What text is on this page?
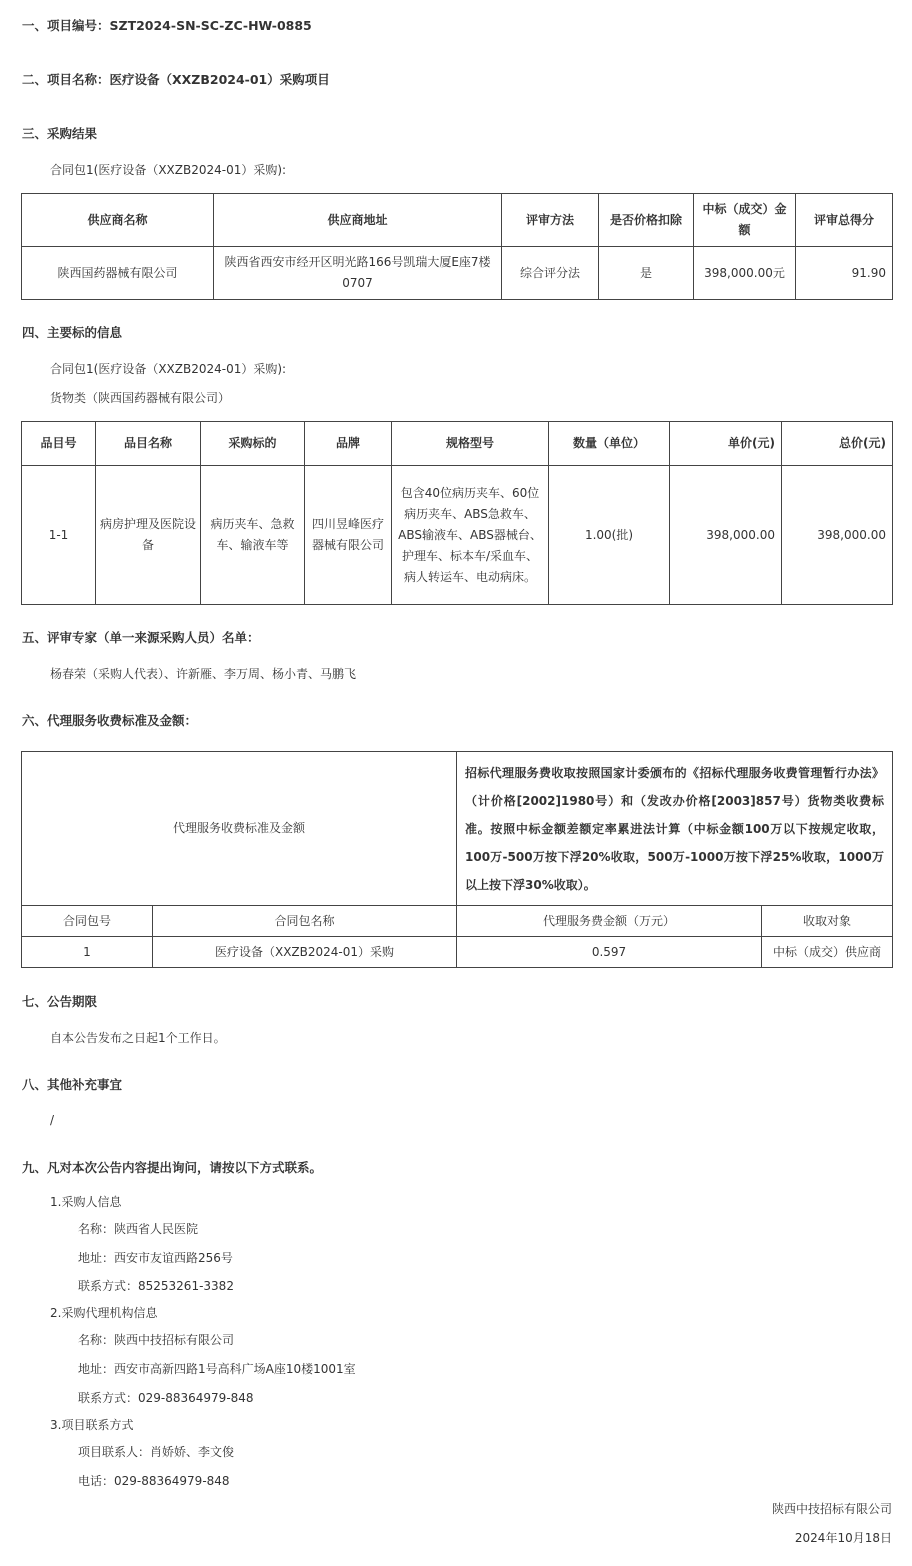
一、项目编号：SZT2024-SN-SC-ZC-HW-0885
二、项目名称：医疗设备（XXZB2024-01）采购项目
三、采购结果
合同包1(医疗设备（XXZB2024-01）采购):
供应商名称	供应商地址	评审方法	是否价格扣除	中标（成交）金额	评审总得分
陕西国药器械有限公司	陕西省西安市经开区明光路166号凯瑞大厦E座7楼0707	综合评分法	是	398,000.00元	91.90
四、主要标的信息
合同包1(医疗设备（XXZB2024-01）采购):
货物类（陕西国药器械有限公司）
品目号	品目名称	采购标的	品牌	规格型号	数量（单位）	单价(元)	总价(元)
1-1	病房护理及医院设备	病历夹车、急救车、输液车等	四川昱峰医疗器械有限公司	包含40位病历夹车、60位病历夹车、ABS急救车、ABS输液车、ABS器械台、护理车、标本车/采血车、病人转运车、电动病床。	1.00(批)	398,000.00	398,000.00
五、评审专家（单一来源采购人员）名单：
杨春荣（采购人代表）、许新雁、李万周、杨小青、马鹏飞
六、代理服务收费标准及金额：
代理服务收费标准及金额		招标代理服务费收取按照国家计委颁布的《招标代理服务收费管理暂行办法》（计价格[2002]1980号）和（发改办价格[2003]857号）货物类收费标准。按照中标金额差额定率累进法计算（中标金额100万以下按规定收取，100万-500万按下浮20%收取，500万-1000万按下浮25%收取，1000万以上按下浮30%收取）。	
合同包号	合同包名称	代理服务费金额（万元）	收取对象
1	医疗设备（XXZB2024-01）采购	0.597	中标（成交）供应商
七、公告期限
自本公告发布之日起1个工作日。
八、其他补充事宜
/
九、凡对本次公告内容提出询问，请按以下方式联系。
1.采购人信息
名称：陕西省人民医院
地址：西安市友谊西路256号
联系方式：85253261-3382
2.采购代理机构信息
名称：陕西中技招标有限公司
地址：西安市高新四路1号高科广场A座10楼1001室
联系方式：029-88364979-848
3.项目联系方式
项目联系人：肖娇娇、李文俊
电话：029-88364979-848
陕西中技招标有限公司
2024年10月18日
